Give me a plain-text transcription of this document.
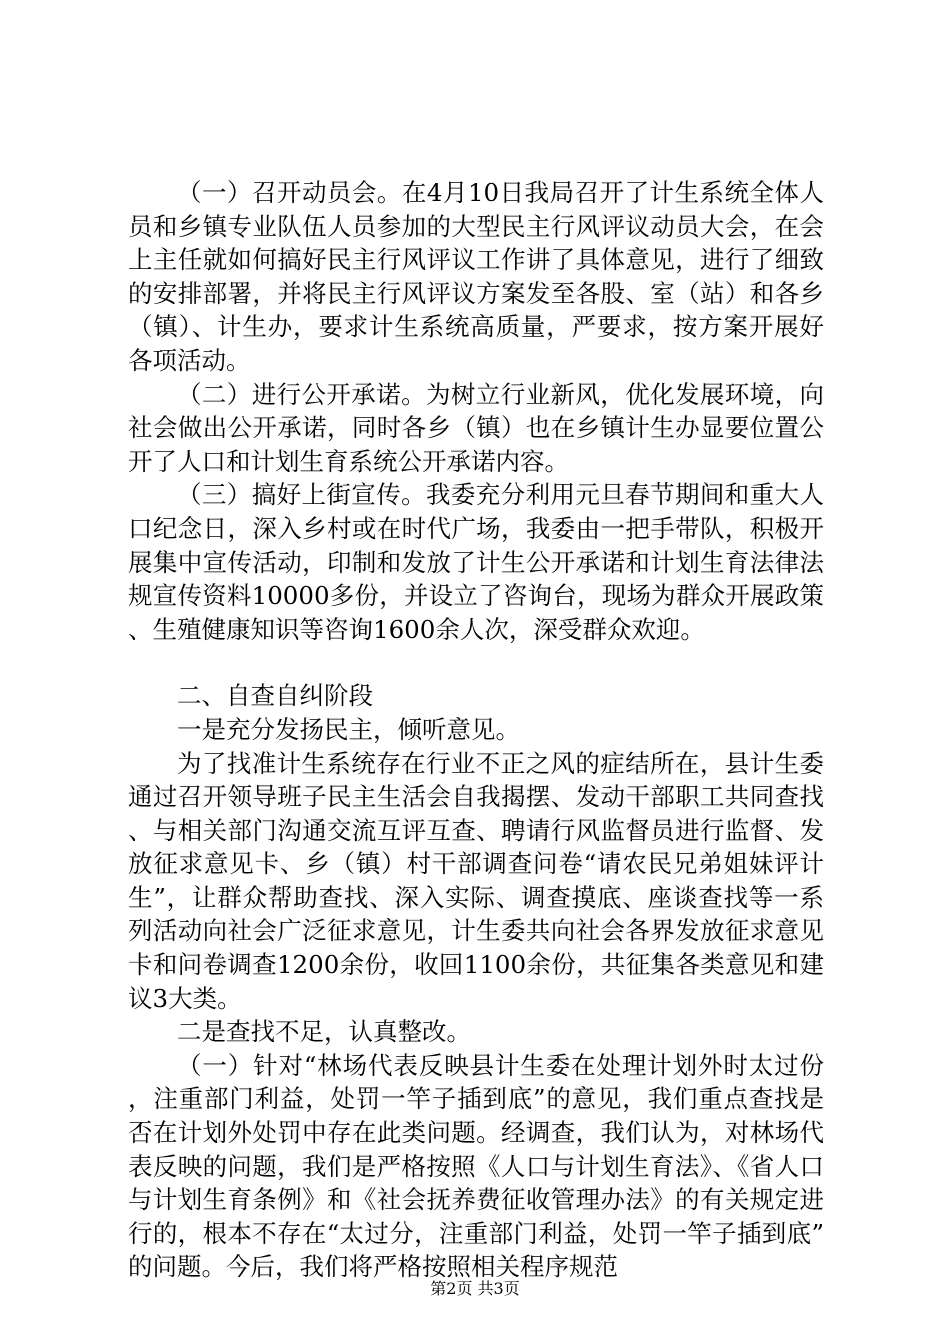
（一）召开动员会。在4月10日我局召开了计生系统全体人员和乡镇专业队伍人员参加的大型民主行风评议动员大会，在会上主任就如何搞好民主行风评议工作讲了具体意见，进行了细致的安排部署，并将民主行风评议方案发至各股、室（站）和各乡（镇）、计生办，要求计生系统高质量，严要求，按方案开展好各项活动。

（二）进行公开承诺。为树立行业新风，优化发展环境，向社会做出公开承诺，同时各乡（镇）也在乡镇计生办显要位置公开了人口和计划生育系统公开承诺内容。

（三）搞好上街宣传。我委充分利用元旦春节期间和重大人口纪念日，深入乡村或在时代广场，我委由一把手带队，积极开展集中宣传活动，印制和发放了计生公开承诺和计划生育法律法规宣传资料10000多份，并设立了咨询台，现场为群众开展政策、生殖健康知识等咨询1600余人次，深受群众欢迎。

二、自查自纠阶段

一是充分发扬民主，倾听意见。

为了找准计生系统存在行业不正之风的症结所在，县计生委通过召开领导班子民主生活会自我揭摆、发动干部职工共同查找、与相关部门沟通交流互评互查、聘请行风监督员进行监督、发放征求意见卡、乡（镇）村干部调查问卷“请农民兄弟姐妹评计生”，让群众帮助查找、深入实际、调查摸底、座谈查找等一系列活动向社会广泛征求意见，计生委共向社会各界发放征求意见卡和问卷调查1200余份，收回1100余份，共征集各类意见和建议3大类。

二是查找不足，认真整改。

（一）针对“林场代表反映县计生委在处理计划外时太过份，注重部门利益，处罚一竿子插到底”的意见，我们重点查找是否在计划外处罚中存在此类问题。经调查，我们认为，对林场代表反映的问题，我们是严格按照《人口与计划生育法》、《省人口与计划生育条例》和《社会抚养费征收管理办法》的有关规定进行的，根本不存在“太过分，注重部门利益，处罚一竿子插到底”的问题。今后，我们将严格按照相关程序规范

第2页 共3页
